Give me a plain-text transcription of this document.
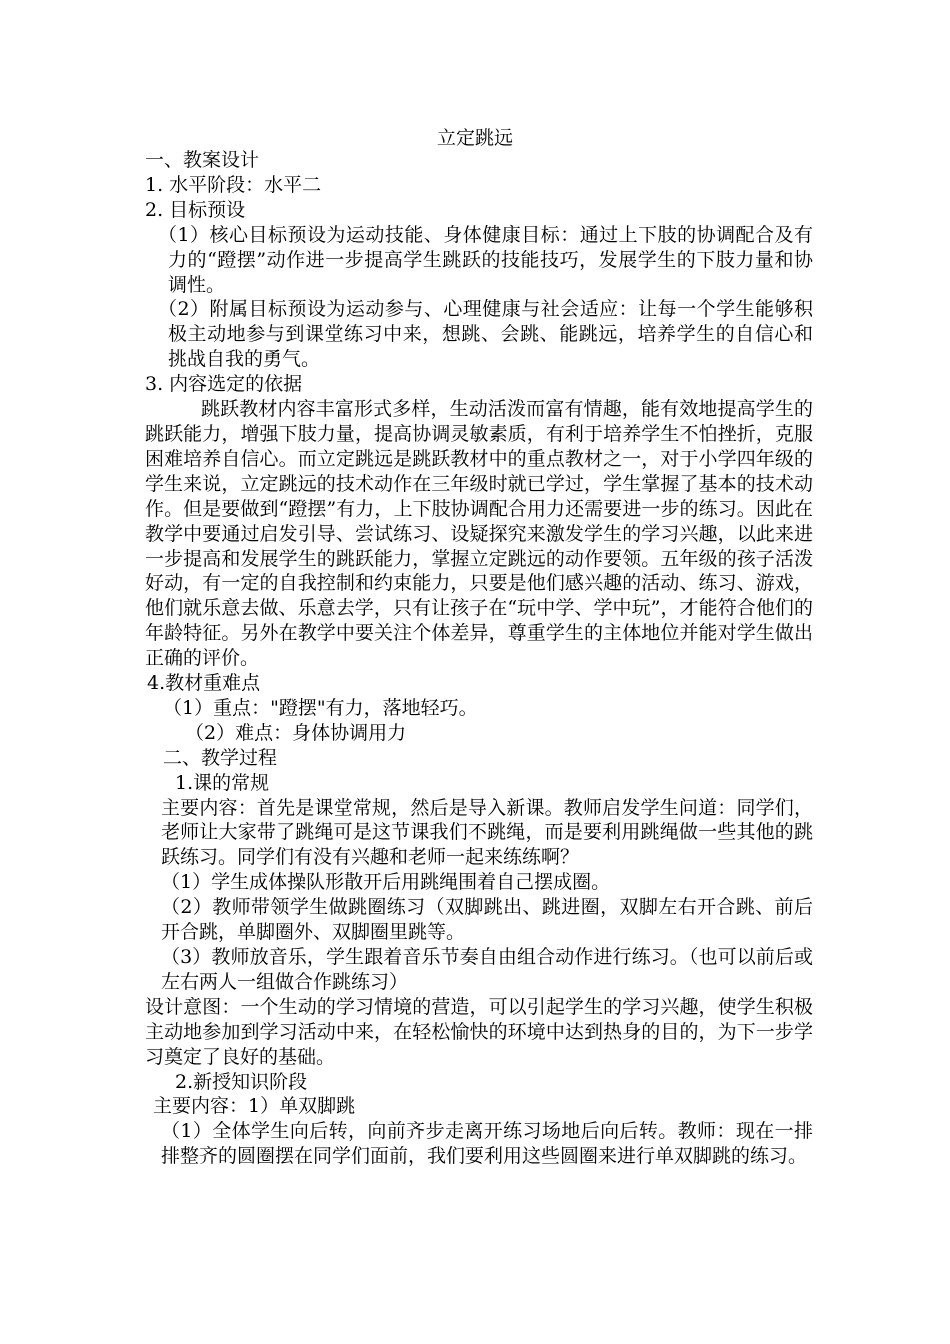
立定跳远

一、教案设计

1. 水平阶段：水平二

2. 目标预设

（1）核心目标预设为运动技能、身体健康目标：通过上下肢的协调配合及有力的“蹬摆”动作进一步提高学生跳跃的技能技巧，发展学生的下肢力量和协调性。

（2）附属目标预设为运动参与、心理健康与社会适应：让每一个学生能够积极主动地参与到课堂练习中来，想跳、会跳、能跳远，培养学生的自信心和挑战自我的勇气。

3. 内容选定的依据

跳跃教材内容丰富形式多样，生动活泼而富有情趣，能有效地提高学生的跳跃能力，增强下肢力量，提高协调灵敏素质，有利于培养学生不怕挫折，克服困难培养自信心。而立定跳远是跳跃教材中的重点教材之一，对于小学四年级的学生来说，立定跳远的技术动作在三年级时就已学过，学生掌握了基本的技术动作。但是要做到“蹬摆”有力，上下肢协调配合用力还需要进一步的练习。因此在教学中要通过启发引导、尝试练习、设疑探究来激发学生的学习兴趣，以此来进一步提高和发展学生的跳跃能力，掌握立定跳远的动作要领。五年级的孩子活泼好动，有一定的自我控制和约束能力，只要是他们感兴趣的活动、练习、游戏，他们就乐意去做、乐意去学，只有让孩子在“玩中学、学中玩”，才能符合他们的年龄特征。另外在教学中要关注个体差异，尊重学生的主体地位并能对学生做出正确的评价。

4.教材重难点

（1）重点："蹬摆"有力，落地轻巧。

（2）难点：身体协调用力

二、教学过程

1.课的常规

主要内容：首先是课堂常规，然后是导入新课。教师启发学生问道：同学们，老师让大家带了跳绳可是这节课我们不跳绳，而是要利用跳绳做一些其他的跳跃练习。同学们有没有兴趣和老师一起来练练啊？

（1）学生成体操队形散开后用跳绳围着自己摆成圈。

（2）教师带领学生做跳圈练习（双脚跳出、跳进圈，双脚左右开合跳、前后开合跳，单脚圈外、双脚圈里跳等。

（3）教师放音乐，学生跟着音乐节奏自由组合动作进行练习。（也可以前后或左右两人一组做合作跳练习）

设计意图：一个生动的学习情境的营造，可以引起学生的学习兴趣，使学生积极主动地参加到学习活动中来，在轻松愉快的环境中达到热身的目的，为下一步学习奠定了良好的基础。

2.新授知识阶段

主要内容：1）单双脚跳

（1）全体学生向后转，向前齐步走离开练习场地后向后转。教师：现在一排排整齐的圆圈摆在同学们面前，我们要利用这些圆圈来进行单双脚跳的练习。
